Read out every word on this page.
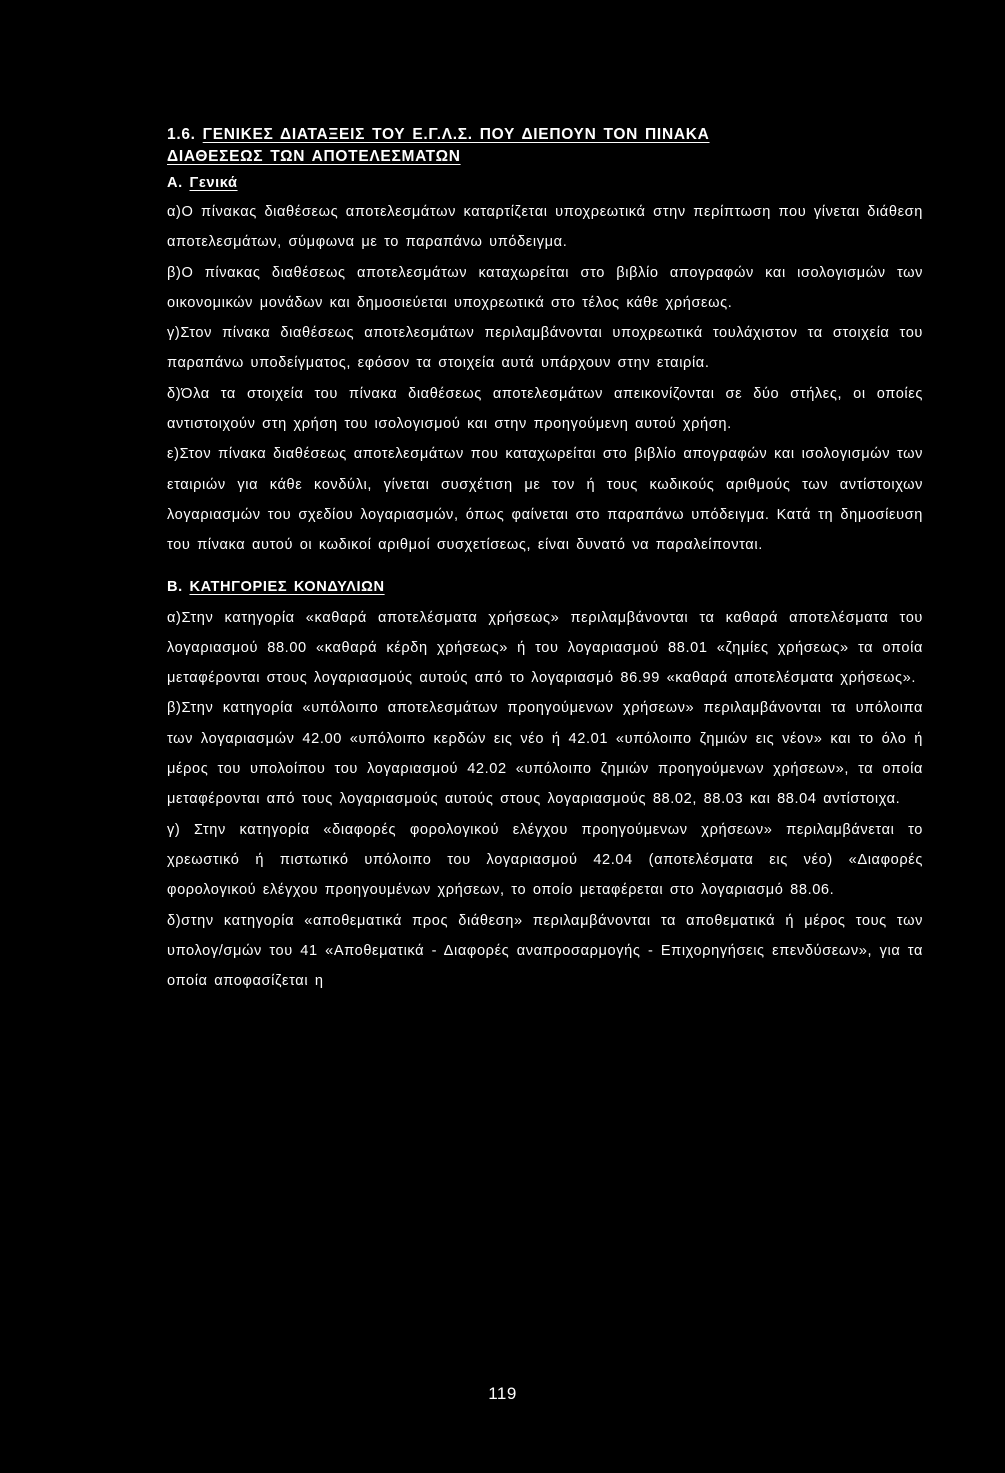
1.6. ΓΕΝΙΚΕΣ ΔΙΑΤΑΞΕΙΣ ΤΟΥ Ε.Γ.Λ.Σ. ΠΟΥ ΔΙΕΠΟΥΝ ΤΟΝ ΠΙΝΑΚΑ
ΔΙΑΘΕΣΕΩΣ ΤΩΝ ΑΠΟΤΕΛΕΣΜΑΤΩΝ

Α. Γενικά

α)Ο πίνακας διαθέσεως αποτελεσμάτων καταρτίζεται υποχρεωτικά στην περίπτωση που γίνεται διάθεση αποτελεσμάτων, σύμφωνα με το παραπάνω υπόδειγμα.

β)Ο πίνακας διαθέσεως αποτελεσμάτων καταχωρείται στο βιβλίο απογραφών και ισολογισμών των οικονομικών μονάδων και δημοσιεύεται υποχρεωτικά στο τέλος κάθε χρήσεως.

γ)Στον πίνακα διαθέσεως αποτελεσμάτων περιλαμβάνονται υποχρεωτικά τουλάχιστον τα στοιχεία του παραπάνω υποδείγματος, εφόσον τα στοιχεία αυτά υπάρχουν στην εταιρία.

δ)Όλα τα στοιχεία του πίνακα διαθέσεως αποτελεσμάτων απεικονίζονται σε δύο στήλες, οι οποίες αντιστοιχούν στη χρήση του ισολογισμού και στην προηγούμενη αυτού χρήση.

ε)Στον πίνακα διαθέσεως αποτελεσμάτων που καταχωρείται στο βιβλίο απογραφών και ισολογισμών των εταιριών για κάθε κονδύλι, γίνεται συσχέτιση με τον ή τους κωδικούς αριθμούς των αντίστοιχων λογαριασμών του σχεδίου λογαριασμών, όπως φαίνεται στο παραπάνω υπόδειγμα. Κατά τη δημοσίευση του πίνακα αυτού οι κωδικοί αριθμοί συσχετίσεως, είναι δυνατό να παραλείπονται.

Β. ΚΑΤΗΓΟΡΙΕΣ ΚΟΝΔΥΛΙΩΝ

α)Στην κατηγορία «καθαρά αποτελέσματα χρήσεως» περιλαμβάνονται τα καθαρά αποτελέσματα του λογαριασμού 88.00 «καθαρά κέρδη χρήσεως» ή του λογαριασμού 88.01 «ζημίες χρήσεως» τα οποία μεταφέρονται στους λογαριασμούς αυτούς από το λογαριασμό 86.99 «καθαρά αποτελέσματα χρήσεως».

β)Στην κατηγορία «υπόλοιπο αποτελεσμάτων προηγούμενων χρήσεων» περιλαμβάνονται τα υπόλοιπα των λογαριασμών 42.00 «υπόλοιπο κερδών εις νέο ή 42.01 «υπόλοιπο ζημιών εις νέον» και το όλο ή μέρος του υπολοίπου του λογαριασμού 42.02 «υπόλοιπο ζημιών προηγούμενων χρήσεων», τα οποία μεταφέρονται από τους λογαριασμούς αυτούς στους λογαριασμούς 88.02, 88.03 και 88.04 αντίστοιχα.

γ) Στην κατηγορία «διαφορές φορολογικού ελέγχου προηγούμενων χρήσεων» περιλαμβάνεται το χρεωστικό ή πιστωτικό υπόλοιπο του λογαριασμού 42.04 (αποτελέσματα εις νέο) «Διαφορές φορολογικού ελέγχου προηγουμένων χρήσεων, το οποίο μεταφέρεται στο λογαριασμό 88.06.

δ)στην κατηγορία «αποθεματικά προς διάθεση» περιλαμβάνονται τα αποθεματικά ή μέρος τους των υπολογ/σμών του 41 «Αποθεματικά - Διαφορές αναπροσαρμογής - Επιχορηγήσεις επενδύσεων», για τα οποία αποφασίζεται η

119
